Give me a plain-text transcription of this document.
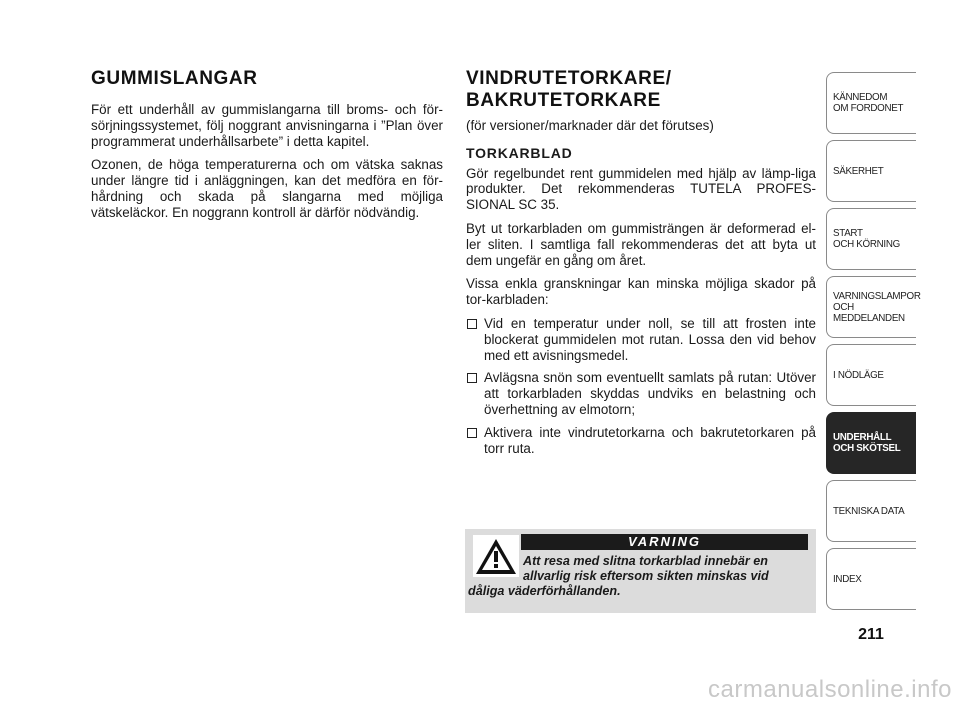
GUMMISLANGAR

För ett underhåll av gummislangarna till broms- och för-sörjningssystemet, följ noggrant anvisningarna i ”Plan över programmerat underhållsarbete” i detta kapitel.

Ozonen, de höga temperaturerna och om vätska saknas under längre tid i anläggningen, kan det medföra en för-hårdning och skada på slangarna med möjliga vätskeläckor. En noggrann kontroll är därför nödvändig.

VINDRUTETORKARE/
BAKRUTETORKARE

(för versioner/marknader där det förutses)

TORKARBLAD

Gör regelbundet rent gummidelen med hjälp av lämp-liga produkter. Det rekommenderas TUTELA PROFES-SIONAL SC 35.

Byt ut torkarbladen om gummisträngen är deformerad el-ler sliten. I samtliga fall rekommenderas det att byta ut dem ungefär en gång om året.

Vissa enkla granskningar kan minska möjliga skador på tor-karbladen:

Vid en temperatur under noll, se till att frosten inte blockerat gummidelen mot rutan. Lossa den vid behov med ett avisningsmedel.
Avlägsna snön som eventuellt samlats på rutan: Utöver att torkarbladen skyddas undviks en belastning och överhettning av elmotorn;
Aktivera inte vindrutetorkarna och bakrutetorkaren på torr ruta.
VARNING
Att resa med slitna torkarblad innebär en allvarlig risk eftersom sikten minskas vid dåliga väderförhållanden.
KÄNNEDOM
OM FORDONET
SÄKERHET
START
OCH KÖRNING
VARNINGSLAMPOR
OCH
MEDDELANDEN
I NÖDLÄGE
UNDERHÅLL
OCH SKÖTSEL
TEKNISKA DATA
INDEX
211
carmanualsonline.info
